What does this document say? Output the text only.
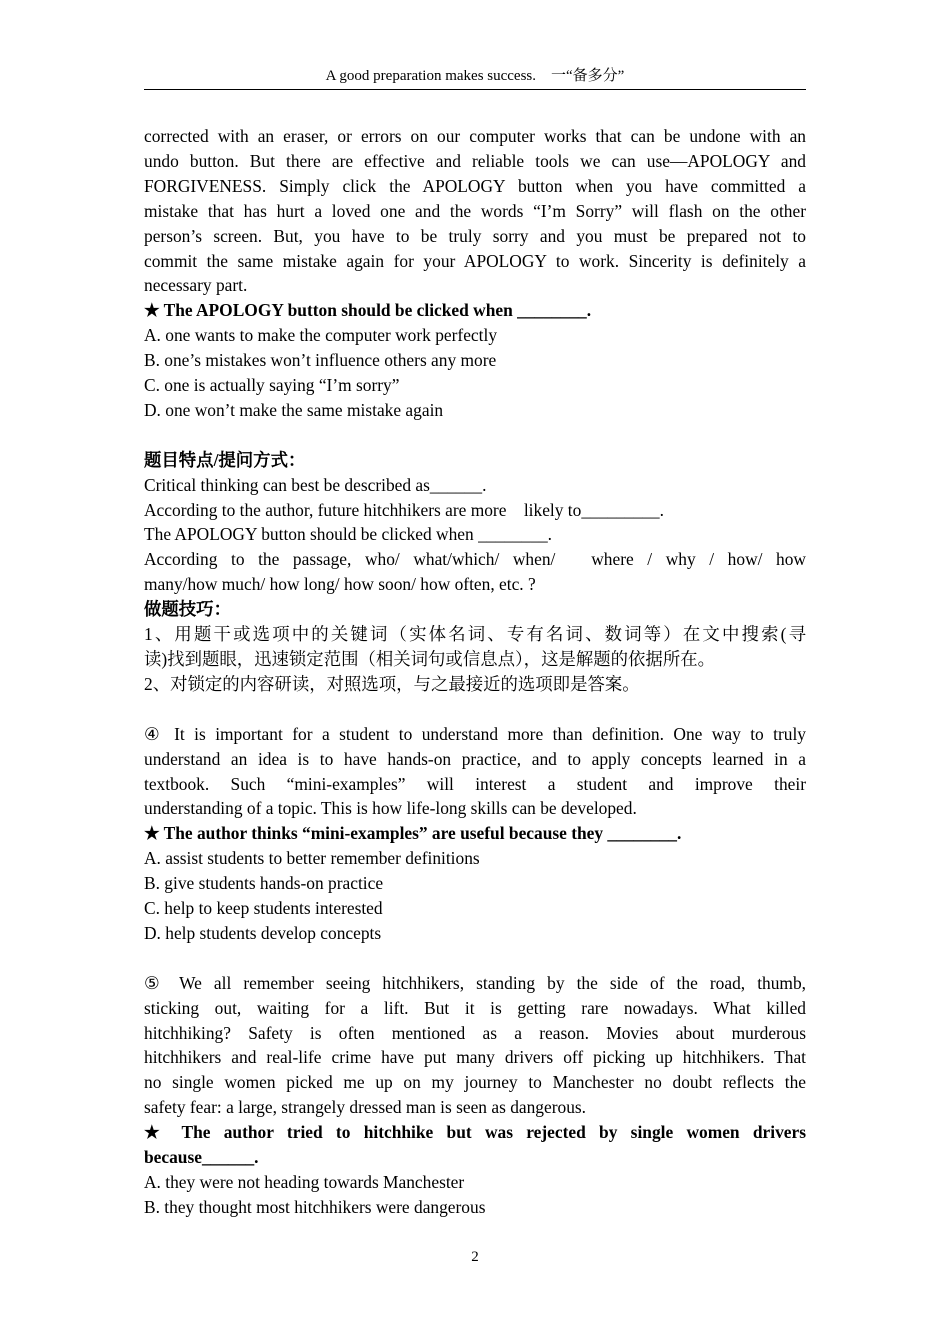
A good preparation makes success.　一“备多分”

corrected with an eraser, or errors on our computer works that can be undone with an

undo button. But there are effective and reliable tools we can use—APOLOGY and

FORGIVENESS. Simply click the APOLOGY button when you have committed a

mistake that has hurt a loved one and the words “I’m Sorry” will flash on the other

person’s screen. But, you have to be truly sorry and you must be prepared not to

commit the same mistake again for your APOLOGY to work. Sincerity is definitely a

necessary part.

★ The APOLOGY button should be clicked when ________.

A. one wants to make the computer work perfectly

B. one’s mistakes won’t influence others any more

C. one is actually saying “I’m sorry”

D. one won’t make the same mistake again

题目特点/提问方式：

Critical thinking can best be described as______.

According to the author, future hitchhikers are more　likely to_________.

The APOLOGY button should be clicked when ________.

According to the passage, who/ what/which/ when/　where / why / how/ how

many/how much/ how long/ how soon/ how often, etc. ?

做题技巧：

1、用题干或选项中的关键词（实体名词、专有名词、数词等）在文中搜索(寻

读)找到题眼，迅速锁定范围（相关词句或信息点），这是解题的依据所在。

2、对锁定的内容研读，对照选项，与之最接近的选项即是答案。

④ It is important for a student to understand more than definition. One way to truly

understand an idea is to have hands-on practice, and to apply concepts learned in a

textbook. Such “mini-examples” will interest a student and improve their

understanding of a topic. This is how life-long skills can be developed.

★ The author thinks “mini-examples” are useful because they ________.

A. assist students to better remember definitions

B. give students hands-on practice

C. help to keep students interested

D. help students develop concepts

⑤ We all remember seeing hitchhikers, standing by the side of the road, thumb,

sticking out, waiting for a lift. But it is getting rare nowadays. What killed

hitchhiking? Safety is often mentioned as a reason. Movies about murderous

hitchhikers and real-life crime have put many drivers off picking up hitchhikers. That

no single women picked me up on my journey to Manchester no doubt reflects the

safety fear: a large, strangely dressed man is seen as dangerous.

★ The author tried to hitchhike but was rejected by single women drivers

because______.

A. they were not heading towards Manchester

B. they thought most hitchhikers were dangerous

2
